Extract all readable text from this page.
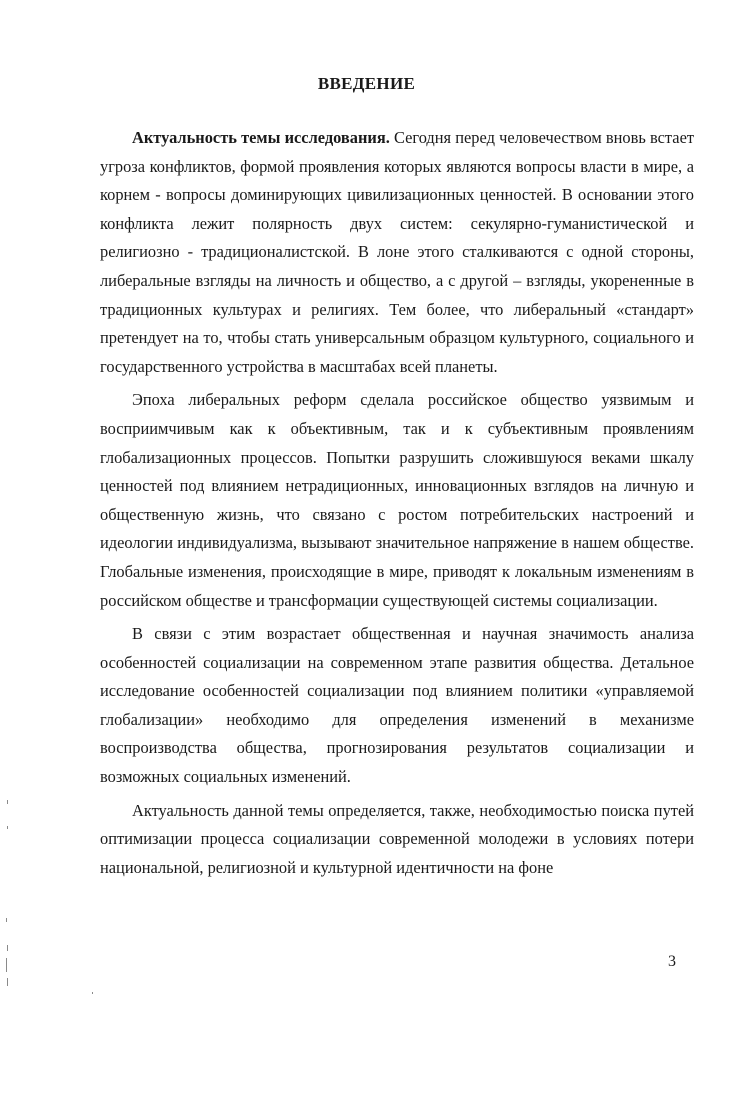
ВВЕДЕНИЕ

Актуальность темы исследования. Сегодня перед человечеством вновь встает угроза конфликтов, формой проявления которых являются вопросы власти в мире, а корнем - вопросы доминирующих цивилизационных ценностей. В основании этого конфликта лежит полярность двух систем: секулярно-гуманистической и религиозно - традиционалистской. В лоне этого сталкиваются с одной стороны, либеральные взгляды на личность и общество, а с другой – взгляды, укорененные в традиционных культурах и религиях. Тем более, что либеральный «стандарт» претендует на то, чтобы стать универсальным образцом культурного, социального и государственного устройства в масштабах всей планеты.

Эпоха либеральных реформ сделала российское общество уязвимым и восприимчивым как к объективным, так и к субъективным проявлениям глобализационных процессов. Попытки разрушить сложившуюся веками шкалу ценностей под влиянием нетрадиционных, инновационных взглядов на личную и общественную жизнь, что связано с ростом потребительских настроений и идеологии индивидуализма, вызывают значительное напряжение в нашем обществе. Глобальные изменения, происходящие в мире, приводят к локальным изменениям в российском обществе и трансформации существующей системы социализации.

В связи с этим возрастает общественная и научная значимость анализа особенностей социализации на современном этапе развития общества. Детальное исследование особенностей социализации под влиянием политики «управляемой глобализации» необходимо для определения изменений в механизме воспроизводства общества, прогнозирования результатов социализации и возможных социальных изменений.

Актуальность данной темы определяется, также, необходимостью поиска путей оптимизации процесса социализации современной молодежи в условиях потери национальной, религиозной и культурной идентичности на фоне

3
